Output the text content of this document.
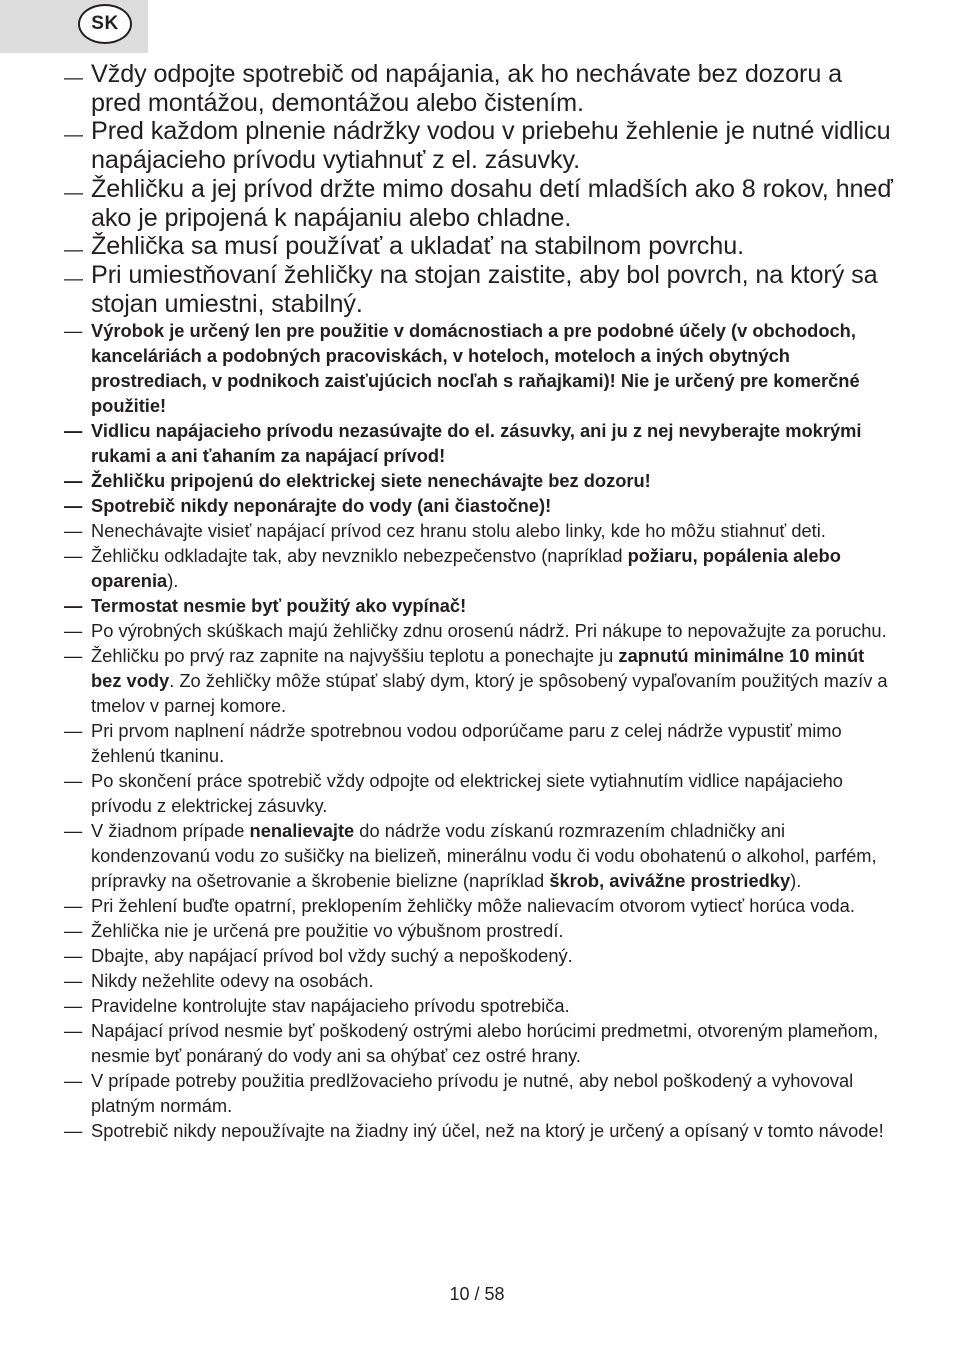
SK
— Vždy odpojte spotrebič od napájania, ak ho nechávate bez dozoru a pred montážou, demontážou alebo čistením.
— Pred každom plnenie nádržky vodou v priebehu žehlenie je nutné vidlicu napájacieho prívodu vytiahnuť z el. zásuvky.
— Žehličku a jej prívod držte mimo dosahu detí mladších ako 8 rokov, hneď ako je pripojená k napájaniu alebo chladne.
— Žehlička sa musí používať a ukladať na stabilnom povrchu.
— Pri umiestňovaní žehličky na stojan zaistite, aby bol povrch, na ktorý sa stojan umiestni, stabilný.
— Výrobok je určený len pre použitie v domácnostiach a pre podobné účely (v obchodoch, kanceláriách a podobných pracoviskách, v hoteloch, moteloch a iných obytných prostrediach, v podnikoch zaisťujúcich nocľah s raňajkami)! Nie je určený pre komerčné použitie!
— Vidlicu napájacieho prívodu nezasúvajte do el. zásuvky, ani ju z nej nevyberajte mokrými rukami a ani ťahaním za napájací prívod!
— Žehličku pripojenú do elektrickej siete nenechávajte bez dozoru!
— Spotrebič nikdy neponárajte do vody (ani čiastočne)!
— Nenechávajte visieť napájací prívod cez hranu stolu alebo linky, kde ho môžu stiahnuť deti.
— Žehličku odkladajte tak, aby nevzniklo nebezpečenstvo (napríklad požiaru, popálenia alebo oparenia).
— Termostat nesmie byť použitý ako vypínač!
— Po výrobných skúškach majú žehličky zdnu orosenú nádrž. Pri nákupe to nepovažujte za poruchu.
— Žehličku po prvý raz zapnite na najvyššiu teplotu a ponechajte ju zapnutú minimálne 10 minút bez vody. Zo žehličky môže stúpať slabý dym, ktorý je spôsobený vypaľovaním použitých mazív a tmelov v parnej komore.
— Pri prvom naplnení nádrže spotrebnou vodou odporúčame paru z celej nádrže vypustiť mimo žehlenú tkaninu.
— Po skončení práce spotrebič vždy odpojte od elektrickej siete vytiahnutím vidlice napájacieho prívodu z elektrickej zásuvky.
— V žiadnom prípade nenalievajte do nádrže vodu získanú rozmrazením chladničky ani kondenzovanú vodu zo sušičky na bielizeň, minerálnu vodu či vodu obohatenú o alkohol, parfém, prípravky na ošetrovanie a škrobenie bielizne (napríklad škrob, avivážne prostriedky).
— Pri žehlení buďte opatrní, preklopením žehličky môže nalievacím otvorom vytiecť horúca voda.
— Žehlička nie je určená pre použitie vo výbušnom prostredí.
— Dbajte, aby napájací prívod bol vždy suchý a nepoškodený.
— Nikdy nežehlite odevy na osobách.
— Pravidelne kontrolujte stav napájacieho prívodu spotrebiča.
— Napájací prívod nesmie byť poškodený ostrými alebo horúcimi predmetmi, otvoreným plameňom, nesmie byť ponáraný do vody ani sa ohýbať cez ostré hrany.
— V prípade potreby použitia predlžovacieho prívodu je nutné, aby nebol poškodený a vyhovoval platným normám.
— Spotrebič nikdy nepoužívajte na žiadny iný účel, než na ktorý je určený a opísaný v tomto návode!
10 / 58
